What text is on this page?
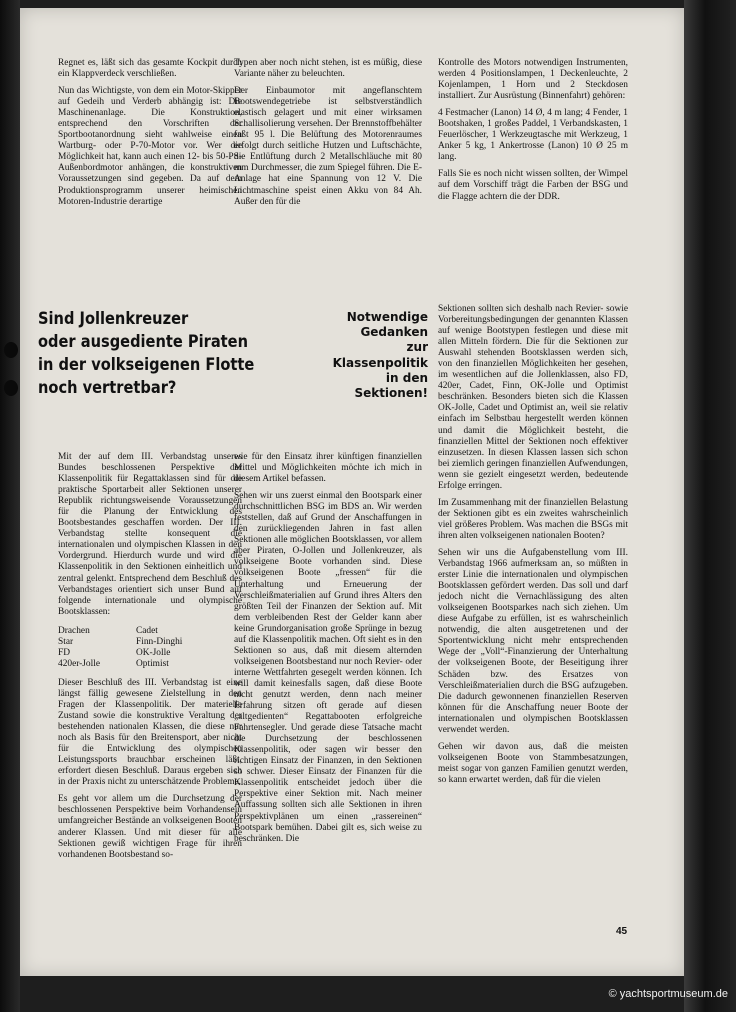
Regnet es, läßt sich das gesamte Kockpit durch ein Klappverdeck verschließen.

Nun das Wichtigste, von dem ein Motor-Skipper auf Gedeih und Verderb abhängig ist: Die Maschinenanlage. Die Konstruktion, entsprechend den Vorschriften der Sportbootanordnung sieht wahlweise einen Wartburg- oder P-70-Motor vor. Wer die Möglichkeit hat, kann auch einen 12- bis 50-PS-Außenbordmotor anhängen, die konstruktiven Voraussetzungen sind gegeben. Da auf dem Produktionsprogramm unserer heimischen Motoren-Industrie derartige

Typen aber noch nicht stehen, ist es müßig, diese Variante näher zu beleuchten.

Der Einbaumotor mit angeflanschtem Bootswendegetriebe ist selbstverständlich elastisch gelagert und mit einer wirksamen Schallisolierung versehen. Der Brennstoffbehälter faßt 95 l. Die Belüftung des Motorenraumes erfolgt durch seitliche Hutzen und Luftschächte, die Entlüftung durch 2 Metallschläuche mit 80 mm Durchmesser, die zum Spiegel führen. Die E-Anlage hat eine Spannung von 12 V. Die Lichtmaschine speist einen Akku von 84 Ah. Außer den für die

Kontrolle des Motors notwendigen Instrumenten, werden 4 Positionslampen, 1 Deckenleuchte, 2 Kojenlampen, 1 Horn und 2 Steckdosen installiert. Zur Ausrüstung (Binnenfahrt) gehören:

4 Festmacher (Lanon) 14 Ø, 4 m lang; 4 Fender, 1 Bootshaken, 1 großes Paddel, 1 Verbandskasten, 1 Feuerlöscher, 1 Werkzeugtasche mit Werkzeug, 1 Anker 5 kg, 1 Ankertrosse (Lanon) 10 Ø 25 m lang.

Falls Sie es noch nicht wissen sollten, der Wimpel auf dem Vorschiff trägt die Farben der BSG und die Flagge achtern die der DDR.

Sind Jollenkreuzer
oder ausgediente Piraten
in der volkseigenen Flotte
noch vertretbar?
Notwendige
Gedanken
zur
Klassenpolitik
in den
Sektionen!

Mit der auf dem III. Verbandstag unseres Bundes beschlossenen Perspektive der Klassenpolitik für Regattaklassen sind für die praktische Sportarbeit aller Sektionen unserer Republik richtungsweisende Voraussetzungen für die Planung der Entwicklung des Bootsbestandes geschaffen worden. Der III. Verbandstag stellte konsequent die internationalen und olympischen Klassen in den Vordergrund. Hierdurch wurde und wird die Klassenpolitik in den Sektionen einheitlich und zentral gelenkt. Entsprechend dem Beschluß des Verbandstages orientiert sich unser Bund auf folgende internationale und olympische Bootsklassen:

Drachen	Cadet
Star	Finn-Dinghi
FD	OK-Jolle
420er-Jolle	Optimist

Dieser Beschluß des III. Verbandstag ist eine längst fällig gewesene Zielstellung in den Fragen der Klassenpolitik. Der materielle Zustand sowie die konstruktive Veraltung der bestehenden nationalen Klassen, die diese nur noch als Basis für den Breitensport, aber nicht für die Entwicklung des olympischen Leistungssports brauchbar erscheinen läßt, erfordert diesen Beschluß. Daraus ergeben sich in der Praxis nicht zu unterschätzende Probleme.

Es geht vor allem um die Durchsetzung der beschlossenen Perspektive beim Vorhandensein umfangreicher Bestände an volkseigenen Booten anderer Klassen. Und mit dieser für alle Sektionen gewiß wichtigen Frage für ihren vorhandenen Bootsbestand so-

wie für den Einsatz ihrer künftigen finanziellen Mittel und Möglichkeiten möchte ich mich in diesem Artikel befassen.

Sehen wir uns zuerst einmal den Bootspark einer durchschnittlichen BSG im BDS an. Wir werden feststellen, daß auf Grund der Anschaffungen in den zurückliegenden Jahren in fast allen Sektionen alle möglichen Bootsklassen, vor allem aber Piraten, O-Jollen und Jollenkreuzer, als volkseigene Boote vorhanden sind. Diese volkseigenen Boote „fressen“ für die Unterhaltung und Erneuerung der Verschleißmaterialien auf Grund ihres Alters den größten Teil der Finanzen der Sektion auf. Mit dem verbleibenden Rest der Gelder kann aber keine Grundorganisation große Sprünge in bezug auf die Klassenpolitik machen. Oft sieht es in den Sektionen so aus, daß mit diesem alternden volkseigenen Bootsbestand nur noch Revier- oder interne Wettfahrten gesegelt werden können. Ich will damit keinesfalls sagen, daß diese Boote nicht genutzt werden, denn nach meiner Erfahrung sitzen oft gerade auf diesen „altgedienten“ Regattabooten erfolgreiche Fahrtensegler. Und gerade diese Tatsache macht die Durchsetzung der beschlossenen Klassenpolitik, oder sagen wir besser den richtigen Einsatz der Finanzen, in den Sektionen so schwer. Dieser Einsatz der Finanzen für die Klassenpolitik entscheidet jedoch über die Perspektive einer Sektion mit. Nach meiner Auffassung sollten sich alle Sektionen in ihren Perspektivplänen um einen „rassereinen“ Bootspark bemühen. Dabei gilt es, sich weise zu beschränken. Die

Sektionen sollten sich deshalb nach Revier- sowie Vorbereitungsbedingungen der genannten Klassen auf wenige Bootstypen festlegen und diese mit allen Mitteln fördern. Die für die Sektionen zur Auswahl stehenden Bootsklassen werden sich, von den finanziellen Möglichkeiten her gesehen, im wesentlichen auf die Jollenklassen, also FD, 420er, Cadet, Finn, OK-Jolle und Optimist beschränken. Besonders bieten sich die Klassen OK-Jolle, Cadet und Optimist an, weil sie relativ einfach im Selbstbau hergestellt werden können und damit die Möglichkeit besteht, die finanziellen Mittel der Sektionen noch effektiver einzusetzen. In diesen Klassen lassen sich schon bei ziemlich geringen finanziellen Aufwendungen, wenn sie gezielt eingesetzt werden, bedeutende Erfolge erringen.

Im Zusammenhang mit der finanziellen Belastung der Sektionen gibt es ein zweites wahrscheinlich viel größeres Problem. Was machen die BSGs mit ihren alten volkseigenen nationalen Booten?

Sehen wir uns die Aufgabenstellung vom III. Verbandstag 1966 aufmerksam an, so müßten in erster Linie die internationalen und olympischen Bootsklassen gefördert werden. Das soll und darf jedoch nicht die Vernachlässigung des alten volkseigenen Bootsparkes nach sich ziehen. Um diese Aufgabe zu erfüllen, ist es wahrscheinlich notwendig, die alten ausgetretenen und der Sportentwicklung nicht mehr entsprechenden Wege der „Voll“-Finanzierung der Unterhaltung der volkseigenen Boote, der Beseitigung ihrer Schäden bzw. des Ersatzes von Verschleißmaterialien durch die BSG aufzugeben. Die dadurch gewonnenen finanziellen Reserven können für die Anschaffung neuer Boote der internationalen und olympischen Bootsklassen verwendet werden.

Gehen wir davon aus, daß die meisten volkseigenen Boote von Stammbesatzungen, meist sogar von ganzen Familien genutzt werden, so kann erwartet werden, daß für die vielen

45
© yachtsportmuseum.de
